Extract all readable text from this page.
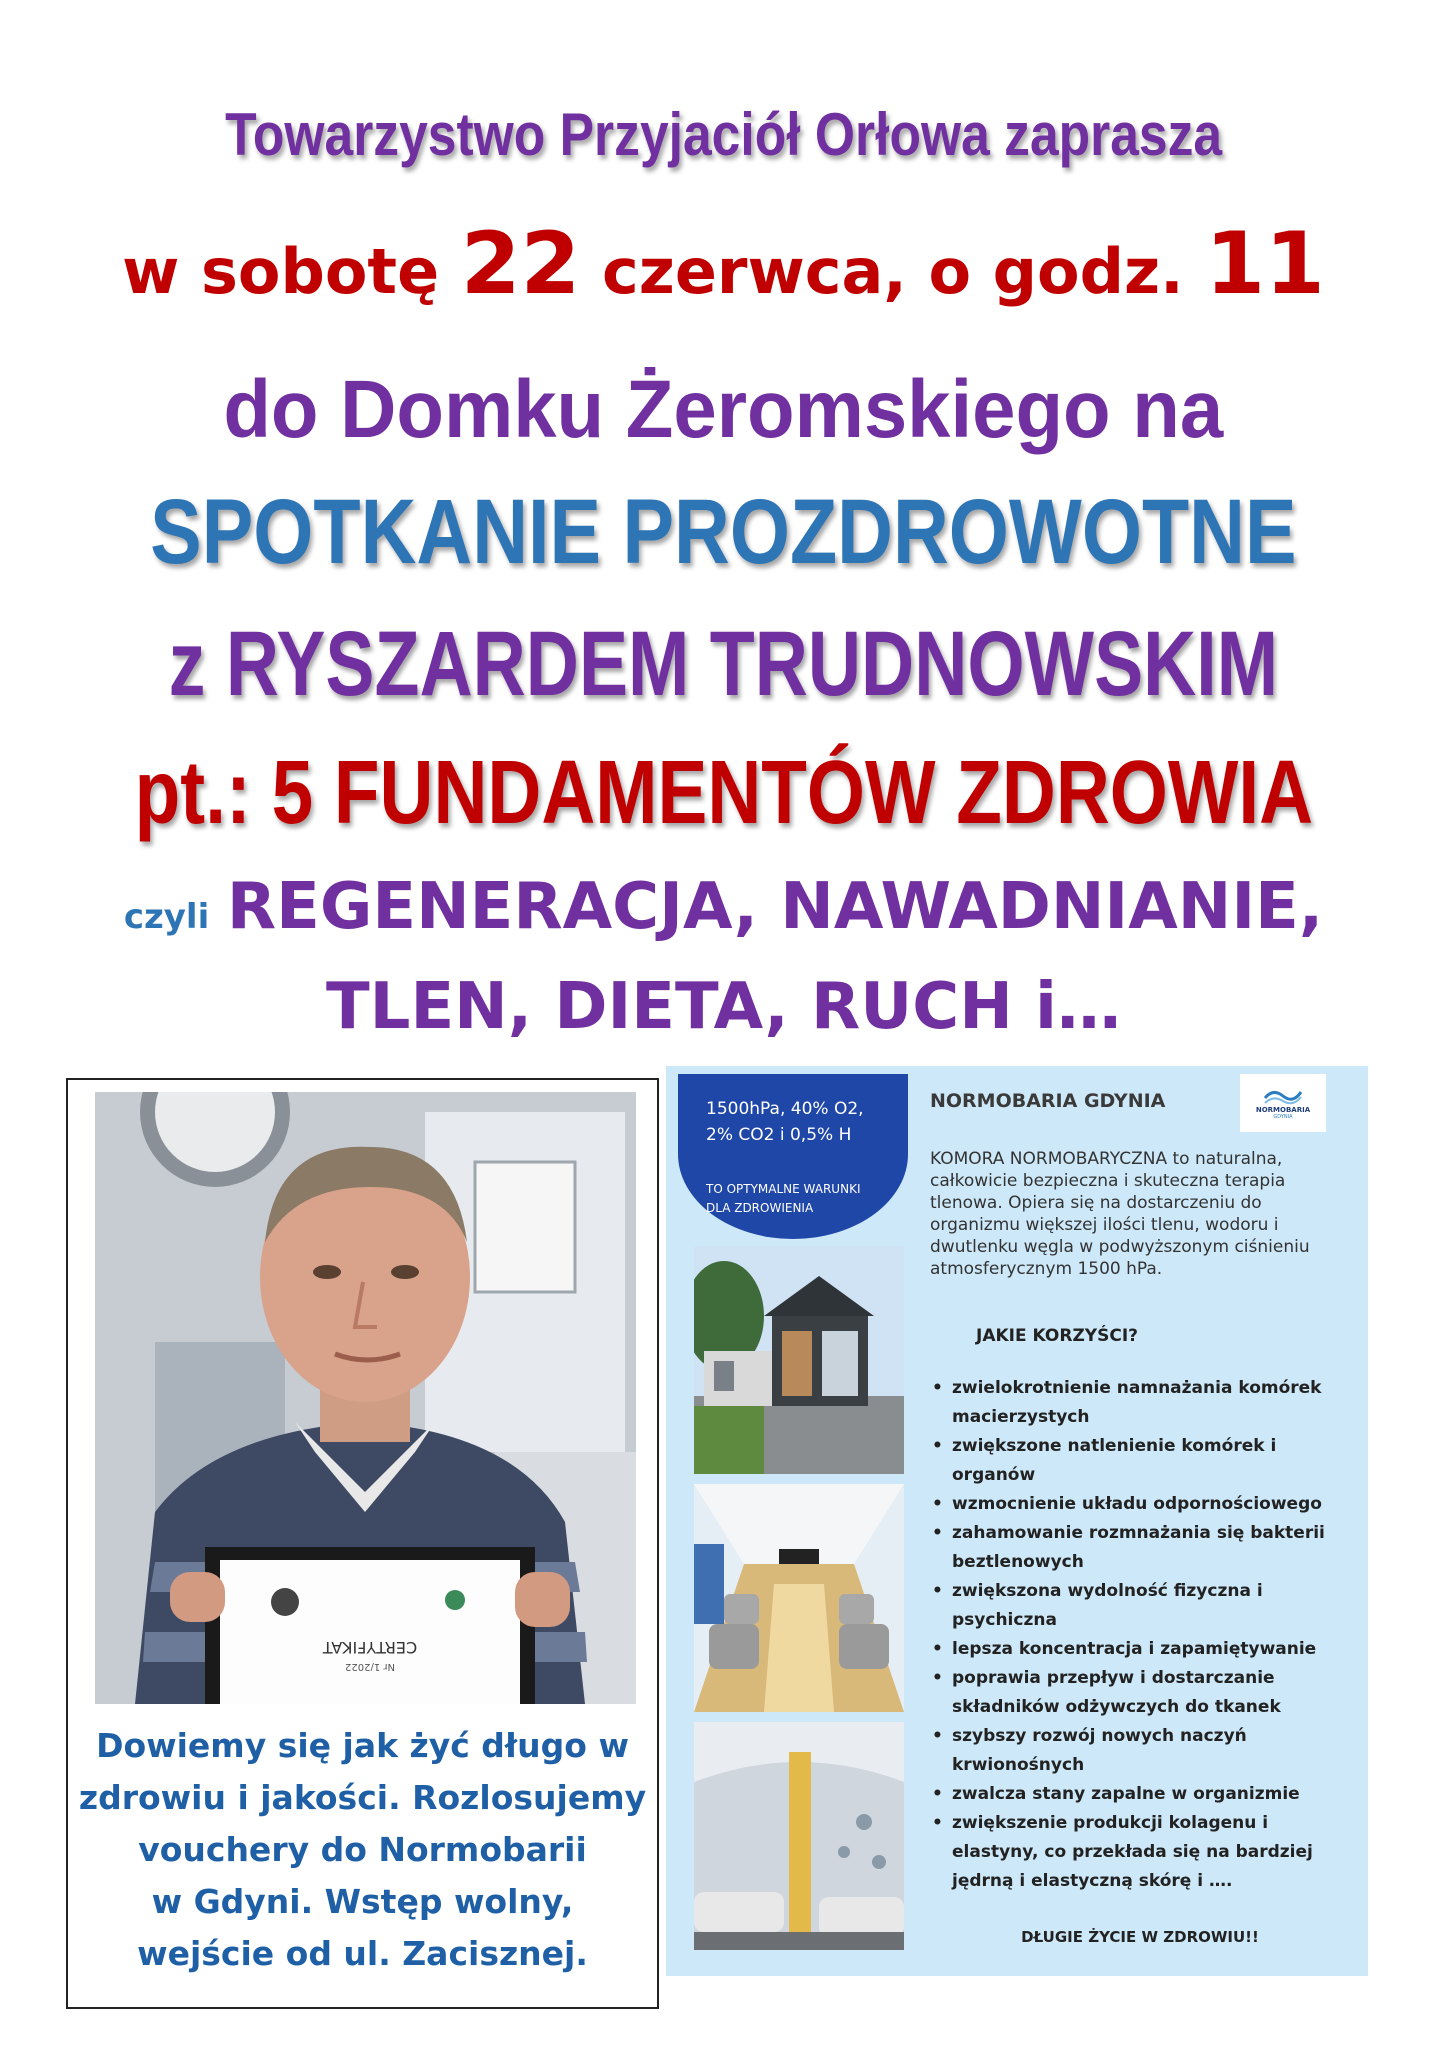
Towarzystwo Przyjaciół Orłowa zaprasza
w sobotę 22 czerwca, o godz. 11
do Domku Żeromskiego na
SPOTKANIE PROZDROWOTNE
z RYSZARDEM TRUDNOWSKIM
pt.: 5 FUNDAMENTÓW ZDROWIA
czyli REGENERACJA, NAWADNIANIE,
TLEN, DIETA, RUCH i…
CERTYFIKAT
Nr 1/2022
Dowiemy się jak żyć długo w
zdrowiu i jakości. Rozlosujemy
vouchery do Normobarii
w Gdyni. Wstęp wolny,
wejście od ul. Zacisznej.
1500hPa, 40% O2,
2% CO2 i 0,5% H
TO OPTYMALNE WARUNKI
DLA ZDROWIENIA
NORMOBARIA GDYNIA	NORMOBARIA
GDYNIA
KOMORA NORMOBARYCZNA to naturalna, całkowicie bezpieczna i skuteczna terapia tlenowa. Opiera się na dostarczeniu do organizmu większej ilości tlenu, wodoru i dwutlenku węgla w podwyższonym ciśnieniu atmosferycznym 1500 hPa.
JAKIE KORZYŚCI?
• zwielokrotnienie namnażania komórek macierzystych
• zwiększone natlenienie komórek i organów
• wzmocnienie układu odpornościowego
• zahamowanie rozmnażania się bakterii beztlenowych
• zwiększona wydolność fizyczna i psychiczna
• lepsza koncentracja i zapamiętywanie
• poprawia przepływ i dostarczanie składników odżywczych do tkanek
• szybszy rozwój nowych naczyń krwionośnych
• zwalcza stany zapalne w organizmie
• zwiększenie produkcji kolagenu i elastyny, co przekłada się na bardziej jędrną i elastyczną skórę i ….
DŁUGIE ŻYCIE W ZDROWIU!!
